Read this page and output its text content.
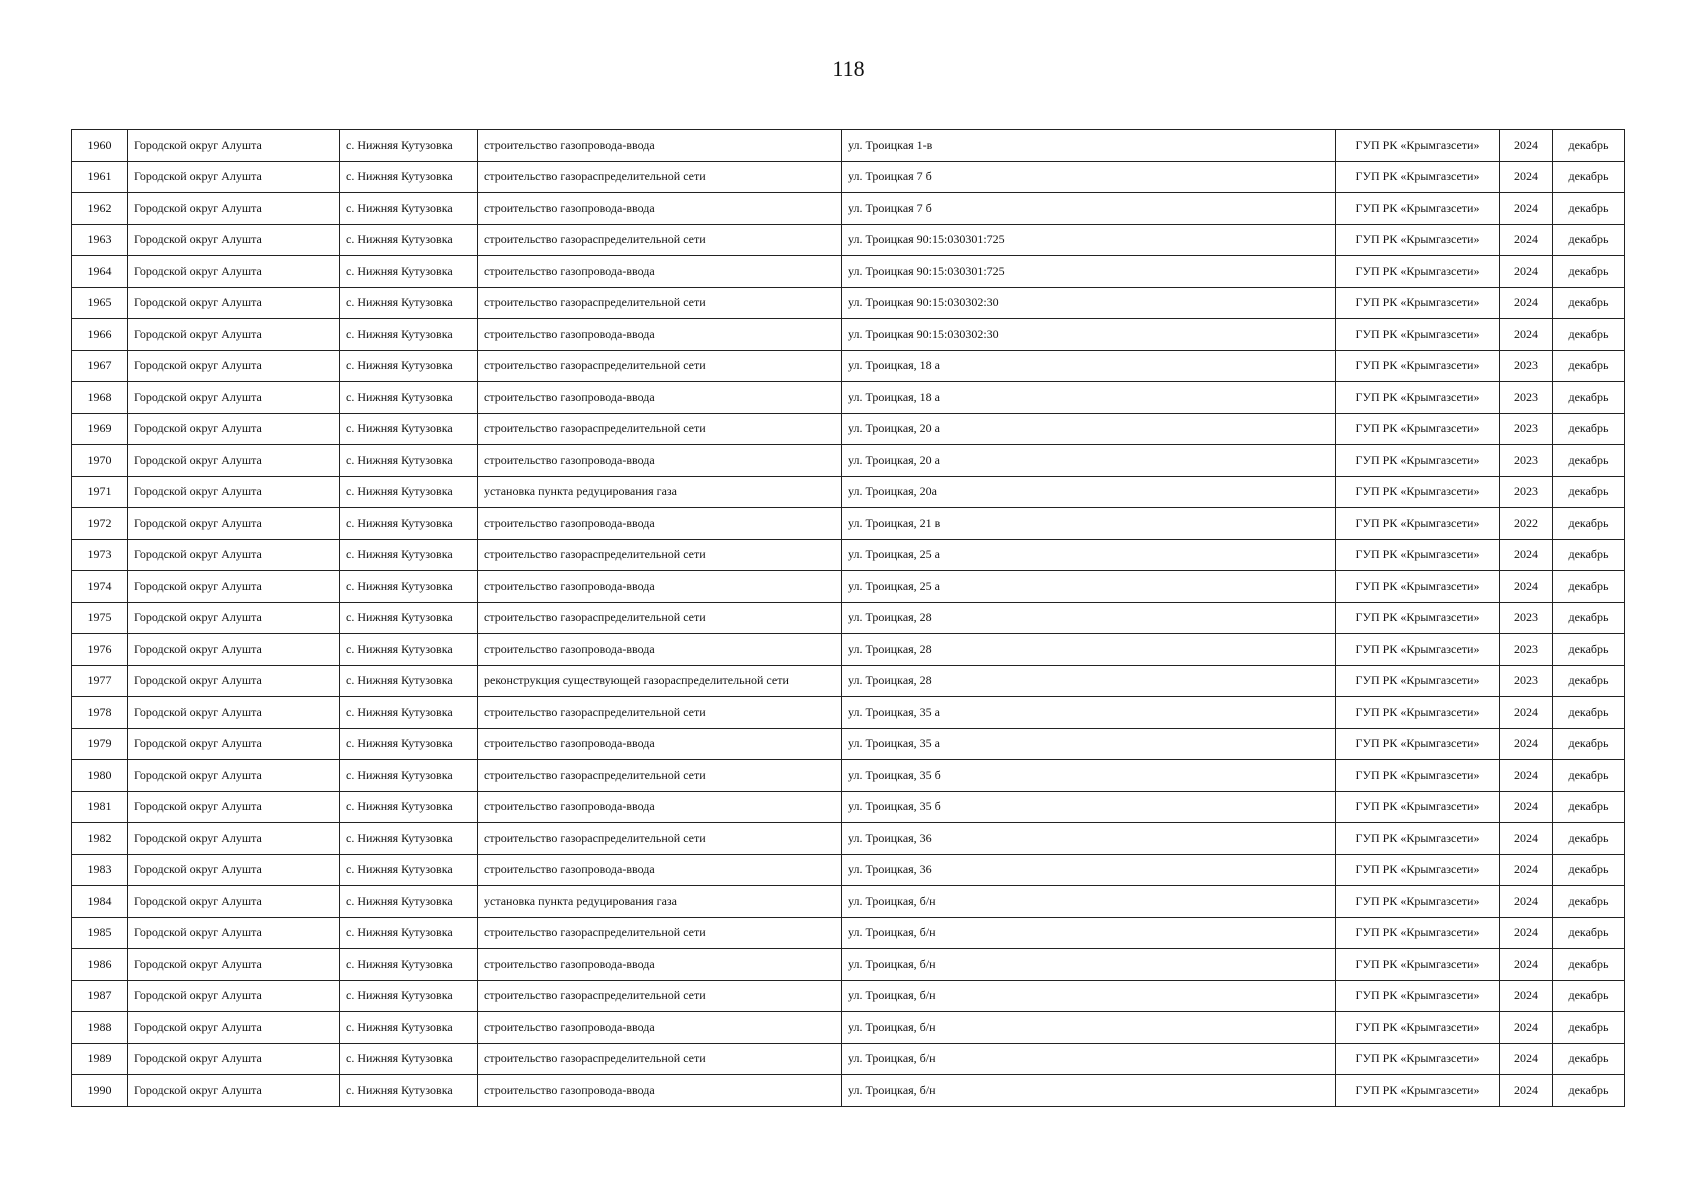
118
1960	Городской округ Алушта	с. Нижняя Кутузовка	строительство газопровода-ввода	ул. Троицкая 1-в	ГУП РК «Крымгазсети»	2024	декабрь
1961	Городской округ Алушта	с. Нижняя Кутузовка	строительство газораспределительной сети	ул. Троицкая 7 б	ГУП РК «Крымгазсети»	2024	декабрь
1962	Городской округ Алушта	с. Нижняя Кутузовка	строительство газопровода-ввода	ул. Троицкая 7 б	ГУП РК «Крымгазсети»	2024	декабрь
1963	Городской округ Алушта	с. Нижняя Кутузовка	строительство газораспределительной сети	ул. Троицкая 90:15:030301:725	ГУП РК «Крымгазсети»	2024	декабрь
1964	Городской округ Алушта	с. Нижняя Кутузовка	строительство газопровода-ввода	ул. Троицкая 90:15:030301:725	ГУП РК «Крымгазсети»	2024	декабрь
1965	Городской округ Алушта	с. Нижняя Кутузовка	строительство газораспределительной сети	ул. Троицкая 90:15:030302:30	ГУП РК «Крымгазсети»	2024	декабрь
1966	Городской округ Алушта	с. Нижняя Кутузовка	строительство газопровода-ввода	ул. Троицкая 90:15:030302:30	ГУП РК «Крымгазсети»	2024	декабрь
1967	Городской округ Алушта	с. Нижняя Кутузовка	строительство газораспределительной сети	ул. Троицкая, 18 а	ГУП РК «Крымгазсети»	2023	декабрь
1968	Городской округ Алушта	с. Нижняя Кутузовка	строительство газопровода-ввода	ул. Троицкая, 18 а	ГУП РК «Крымгазсети»	2023	декабрь
1969	Городской округ Алушта	с. Нижняя Кутузовка	строительство газораспределительной сети	ул. Троицкая, 20 а	ГУП РК «Крымгазсети»	2023	декабрь
1970	Городской округ Алушта	с. Нижняя Кутузовка	строительство газопровода-ввода	ул. Троицкая, 20 а	ГУП РК «Крымгазсети»	2023	декабрь
1971	Городской округ Алушта	с. Нижняя Кутузовка	установка пункта редуцирования газа	ул. Троицкая, 20а	ГУП РК «Крымгазсети»	2023	декабрь
1972	Городской округ Алушта	с. Нижняя Кутузовка	строительство газопровода-ввода	ул. Троицкая, 21 в	ГУП РК «Крымгазсети»	2022	декабрь
1973	Городской округ Алушта	с. Нижняя Кутузовка	строительство газораспределительной сети	ул. Троицкая, 25 а	ГУП РК «Крымгазсети»	2024	декабрь
1974	Городской округ Алушта	с. Нижняя Кутузовка	строительство газопровода-ввода	ул. Троицкая, 25 а	ГУП РК «Крымгазсети»	2024	декабрь
1975	Городской округ Алушта	с. Нижняя Кутузовка	строительство газораспределительной сети	ул. Троицкая, 28	ГУП РК «Крымгазсети»	2023	декабрь
1976	Городской округ Алушта	с. Нижняя Кутузовка	строительство газопровода-ввода	ул. Троицкая, 28	ГУП РК «Крымгазсети»	2023	декабрь
1977	Городской округ Алушта	с. Нижняя Кутузовка	реконструкция существующей газораспределительной сети	ул. Троицкая, 28	ГУП РК «Крымгазсети»	2023	декабрь
1978	Городской округ Алушта	с. Нижняя Кутузовка	строительство газораспределительной сети	ул. Троицкая, 35 а	ГУП РК «Крымгазсети»	2024	декабрь
1979	Городской округ Алушта	с. Нижняя Кутузовка	строительство газопровода-ввода	ул. Троицкая, 35 а	ГУП РК «Крымгазсети»	2024	декабрь
1980	Городской округ Алушта	с. Нижняя Кутузовка	строительство газораспределительной сети	ул. Троицкая, 35 б	ГУП РК «Крымгазсети»	2024	декабрь
1981	Городской округ Алушта	с. Нижняя Кутузовка	строительство газопровода-ввода	ул. Троицкая, 35 б	ГУП РК «Крымгазсети»	2024	декабрь
1982	Городской округ Алушта	с. Нижняя Кутузовка	строительство газораспределительной сети	ул. Троицкая, 36	ГУП РК «Крымгазсети»	2024	декабрь
1983	Городской округ Алушта	с. Нижняя Кутузовка	строительство газопровода-ввода	ул. Троицкая, 36	ГУП РК «Крымгазсети»	2024	декабрь
1984	Городской округ Алушта	с. Нижняя Кутузовка	установка пункта редуцирования газа	ул. Троицкая, б/н	ГУП РК «Крымгазсети»	2024	декабрь
1985	Городской округ Алушта	с. Нижняя Кутузовка	строительство газораспределительной сети	ул. Троицкая, б/н	ГУП РК «Крымгазсети»	2024	декабрь
1986	Городской округ Алушта	с. Нижняя Кутузовка	строительство газопровода-ввода	ул. Троицкая, б/н	ГУП РК «Крымгазсети»	2024	декабрь
1987	Городской округ Алушта	с. Нижняя Кутузовка	строительство газораспределительной сети	ул. Троицкая, б/н	ГУП РК «Крымгазсети»	2024	декабрь
1988	Городской округ Алушта	с. Нижняя Кутузовка	строительство газопровода-ввода	ул. Троицкая, б/н	ГУП РК «Крымгазсети»	2024	декабрь
1989	Городской округ Алушта	с. Нижняя Кутузовка	строительство газораспределительной сети	ул. Троицкая, б/н	ГУП РК «Крымгазсети»	2024	декабрь
1990	Городской округ Алушта	с. Нижняя Кутузовка	строительство газопровода-ввода	ул. Троицкая, б/н	ГУП РК «Крымгазсети»	2024	декабрь
